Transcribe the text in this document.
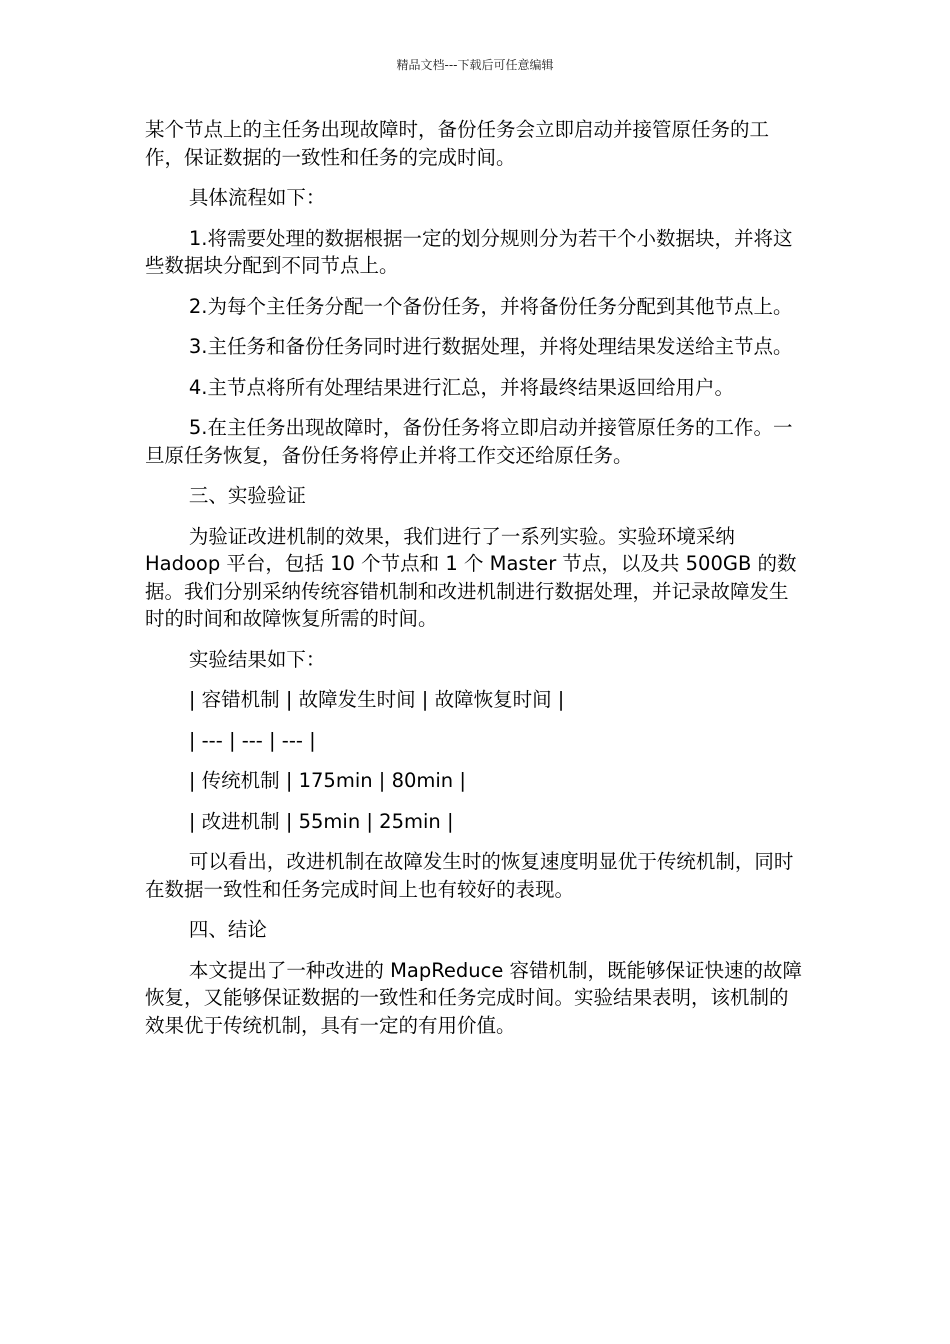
精品文档---下载后可任意编辑

某个节点上的主任务出现故障时，备份任务会立即启动并接管原任务的工作，保证数据的一致性和任务的完成时间。

具体流程如下：

1.将需要处理的数据根据一定的划分规则分为若干个小数据块，并将这些数据块分配到不同节点上。

2.为每个主任务分配一个备份任务，并将备份任务分配到其他节点上。

3.主任务和备份任务同时进行数据处理，并将处理结果发送给主节点。

4.主节点将所有处理结果进行汇总，并将最终结果返回给用户。

5.在主任务出现故障时，备份任务将立即启动并接管原任务的工作。一旦原任务恢复，备份任务将停止并将工作交还给原任务。

三、实验验证

为验证改进机制的效果，我们进行了一系列实验。实验环境采纳 Hadoop 平台，包括 10 个节点和 1 个 Master 节点，以及共 500GB 的数据。我们分别采纳传统容错机制和改进机制进行数据处理，并记录故障发生时的时间和故障恢复所需的时间。

实验结果如下：

| 容错机制 | 故障发生时间 | 故障恢复时间 |

| --- | --- | --- |

| 传统机制 | 175min | 80min |

| 改进机制 | 55min | 25min |

可以看出，改进机制在故障发生时的恢复速度明显优于传统机制，同时在数据一致性和任务完成时间上也有较好的表现。

四、结论

本文提出了一种改进的 MapReduce 容错机制，既能够保证快速的故障恢复，又能够保证数据的一致性和任务完成时间。实验结果表明，该机制的效果优于传统机制，具有一定的有用价值。
